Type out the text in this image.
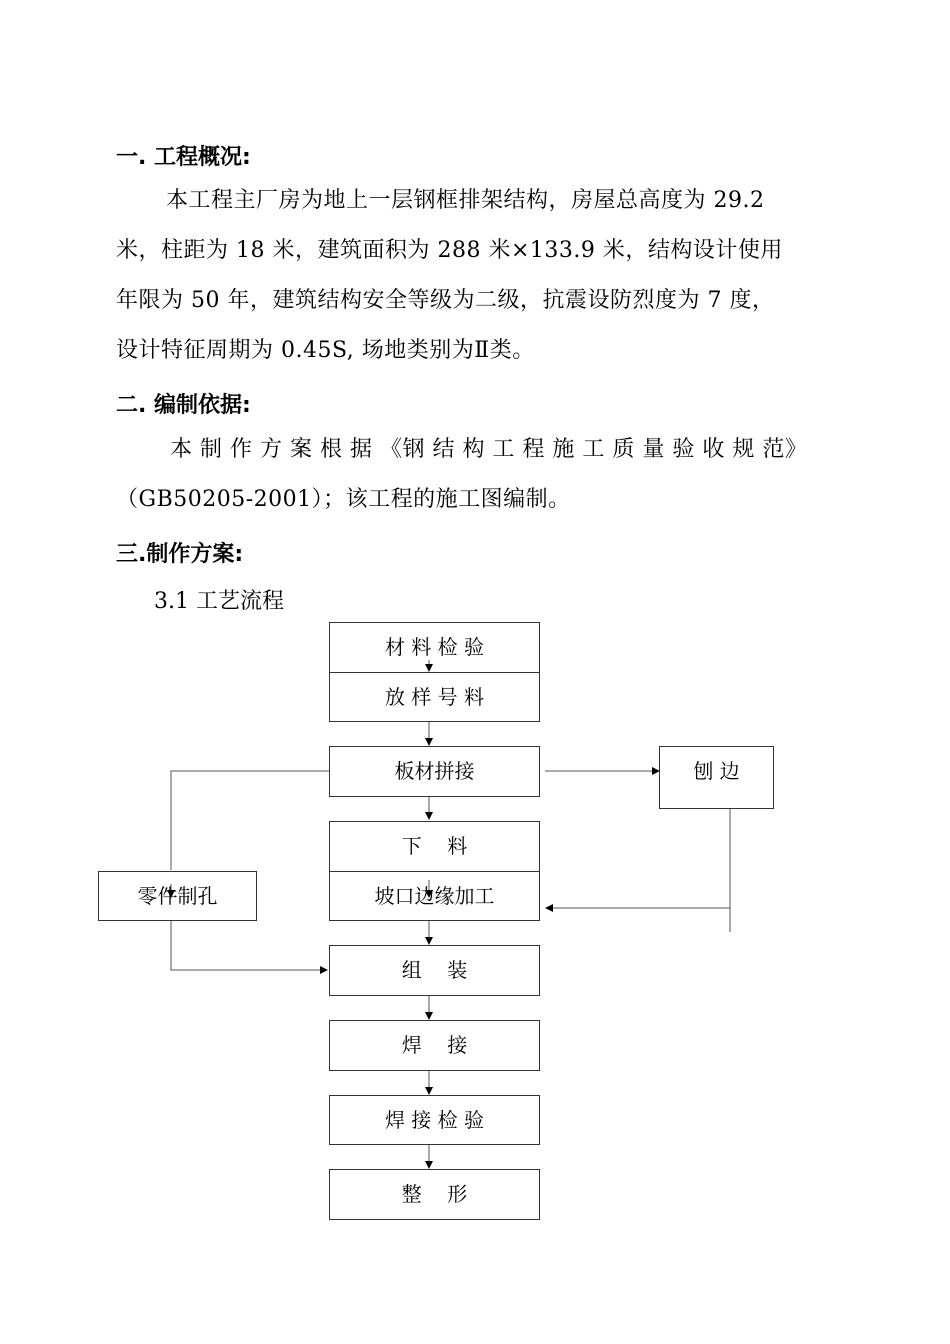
一. 工程概况:
本工程主厂房为地上一层钢框排架结构，房屋总高度为 29.2
米，柱距为 18 米，建筑面积为 288 米×133.9 米，结构设计使用
年限为 50 年，建筑结构安全等级为二级，抗震设防烈度为 7 度，
设计特征周期为 0.45S, 场地类别为Ⅱ类。
二. 编制依据:
本 制 作 方 案 根 据 《钢 结 构 工 程 施 工 质 量 验 收 规 范》
（GB50205-2001）；该工程的施工图编制。
三.制作方案:
3.1 工艺流程
材 料 检 验
放 样 号 料
板材拼接	刨 边
下    料
坡口边缘加工
零件制孔
组    装
焊    接
焊 接 检 验
整    形
